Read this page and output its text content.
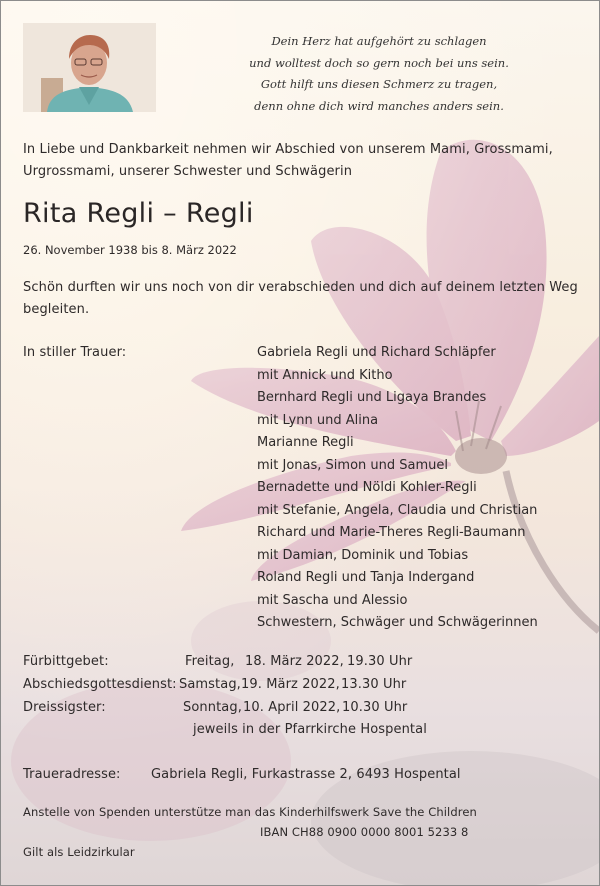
Dein Herz hat aufgehört zu schlagen
und wolltest doch so gern noch bei uns sein.
Gott hilft uns diesen Schmerz zu tragen,
denn ohne dich wird manches anders sein.
In Liebe und Dankbarkeit nehmen wir Abschied von unserem Mami, Grossmami,
Urgrossmami, unserer Schwester und Schwägerin
Rita Regli – Regli
26. November 1938 bis 8. März 2022
Schön durften wir uns noch von dir verabschieden und dich auf deinem letzten Weg
begleiten.
In stiller Trauer:	Gabriela Regli und Richard Schläpfer
mit Annick und Kitho
Bernhard Regli und Ligaya Brandes
mit Lynn und Alina
Marianne Regli
mit Jonas, Simon und Samuel
Bernadette und Nöldi Kohler-Regli
mit Stefanie, Angela, Claudia und Christian
Richard und Marie-Theres Regli-Baumann
mit Damian, Dominik und Tobias
Roland Regli und Tanja Indergand
mit Sascha und Alessio
Schwestern, Schwäger und Schwägerinnen
Fürbittgebet:	Freitag, 18. März 2022, 19.30 Uhr
Abschiedsgottesdienst: Samstag, 19. März 2022, 13.30 Uhr
Dreissigster:	Sonntag, 10. April 2022, 10.30 Uhr
jeweils in der Pfarrkirche Hospental
Traueradresse: Gabriela Regli, Furkastrasse 2, 6493 Hospental
Anstelle von Spenden unterstütze man das Kinderhilfswerk Save the Children
IBAN CH88 0900 0000 8001 5233 8
Gilt als Leidzirkular
